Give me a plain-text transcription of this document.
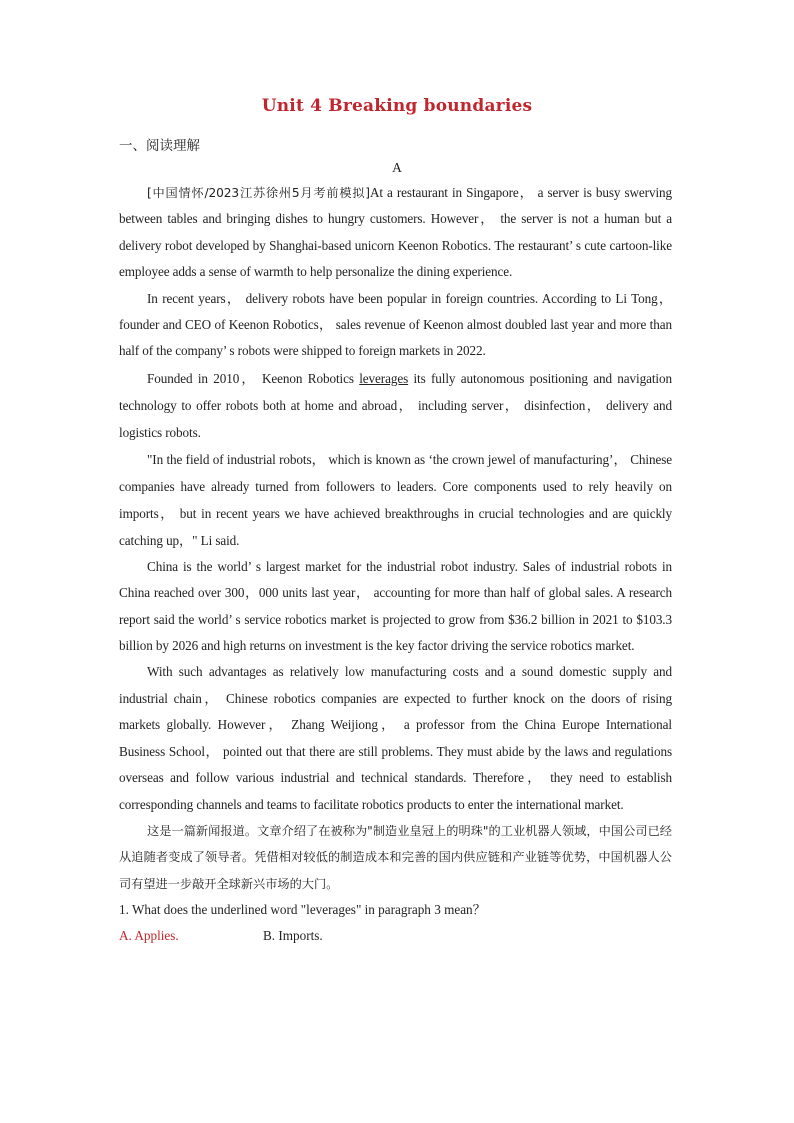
Unit 4 Breaking boundaries
一、阅读理解
A

[中国情怀/2023江苏徐州5月考前模拟]At a restaurant in Singapore， a server is busy swerving between tables and bringing dishes to hungry customers. However， the server is not a human but a delivery robot developed by Shanghai-based unicorn Keenon Robotics. The restaurant’ s cute cartoon-like employee adds a sense of warmth to help personalize the dining experience.

In recent years， delivery robots have been popular in foreign countries. According to Li Tong， founder and CEO of Keenon Robotics， sales revenue of Keenon almost doubled last year and more than half of the company’ s robots were shipped to foreign markets in 2022.

Founded in 2010， Keenon Robotics leverages its fully autonomous positioning and navigation technology to offer robots both at home and abroad， including server， disinfection， delivery and logistics robots.

"In the field of industrial robots， which is known as ‘the crown jewel of manufacturing’， Chinese companies have already turned from followers to leaders. Core components used to rely heavily on imports， but in recent years we have achieved breakthroughs in crucial technologies and are quickly catching up，" Li said.

China is the world’ s largest market for the industrial robot industry. Sales of industrial robots in China reached over 300，000 units last year， accounting for more than half of global sales. A research report said the world’ s service robotics market is projected to grow from $36.2 billion in 2021 to $103.3 billion by 2026 and high returns on investment is the key factor driving the service robotics market.

With such advantages as relatively low manufacturing costs and a sound domestic supply and industrial chain， Chinese robotics companies are expected to further knock on the doors of rising markets globally. However， Zhang Weijiong， a professor from the China Europe International Business School， pointed out that there are still problems. They must abide by the laws and regulations overseas and follow various industrial and technical standards. Therefore， they need to establish corresponding channels and teams to facilitate robotics products to enter the international market.

这是一篇新闻报道。文章介绍了在被称为"制造业皇冠上的明珠"的工业机器人领域，中国公司已经从追随者变成了领导者。凭借相对较低的制造成本和完善的国内供应链和产业链等优势，中国机器人公司有望进一步敲开全球新兴市场的大门。

1. What does the underlined word "leverages" in paragraph 3 mean？

A. Applies.	B. Imports.
